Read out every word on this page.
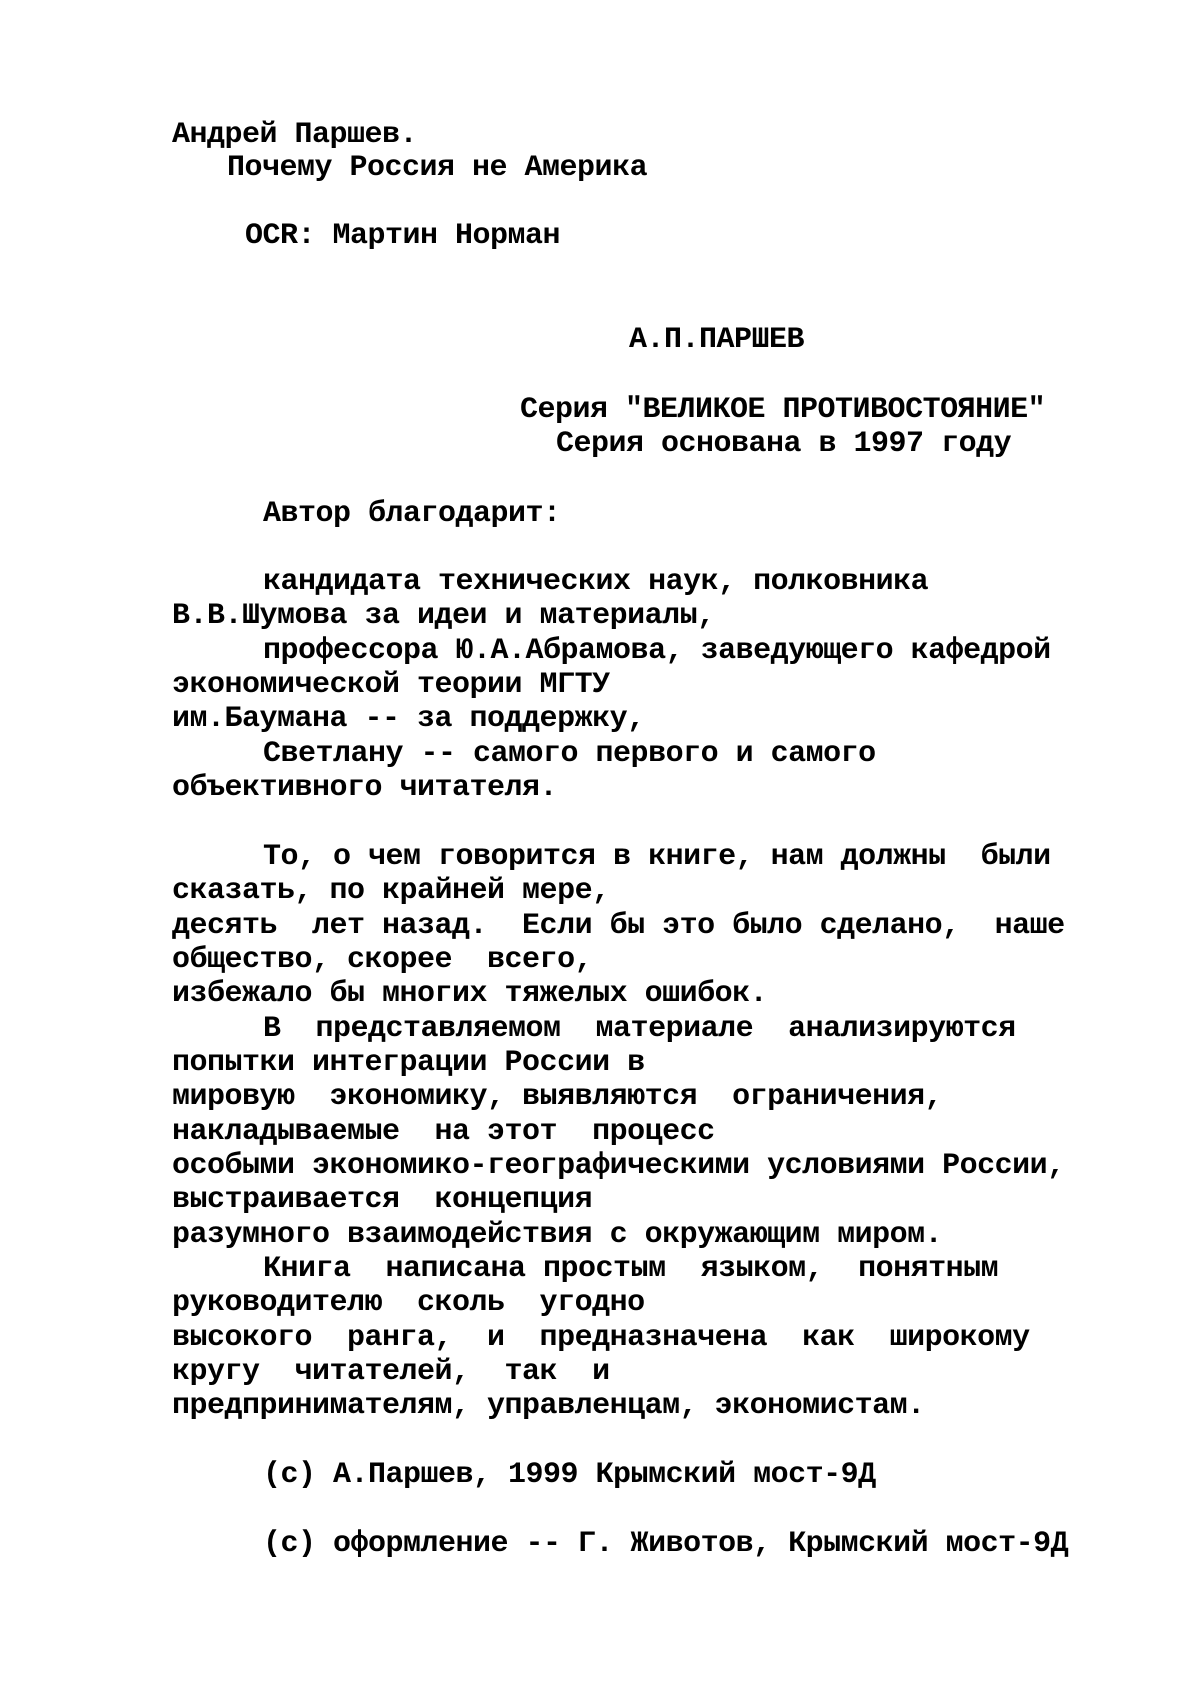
Андрей Паршев.
Почему Россия не Америка
OCR: Мартин Норман
А.П.ПАРШЕВ
Серия "ВЕЛИКОЕ ПРОТИВОСТОЯНИЕ"
Серия основана в 1997 году
Автор благодарит:
кандидата технических наук, полковника
В.В.Шумова за идеи и материалы,
профессора Ю.А.Абрамова, заведующего кафедрой
экономической теории МГТУ
им.Баумана -- за поддержку,
Светлану -- самого первого и самого
объективного читателя.
То, о чем говорится в книге, нам должны  были
сказать, по крайней мере,
десять  лет назад.  Если бы это было сделано,  наше
общество, скорее  всего,
избежало бы многих тяжелых ошибок.
В  представляемом  материале  анализируются
попытки интеграции России в
мировую  экономику, выявляются  ограничения,
накладываемые  на этот  процесс
особыми экономико-географическими условиями России,
выстраивается  концепция
разумного взаимодействия с окружающим миром.
Книга  написана простым  языком,  понятным
руководителю  сколь  угодно
высокого  ранга,  и  предназначена  как  широкому
кругу  читателей,  так  и
предпринимателям, управленцам, экономистам.
(c) А.Паршев, 1999 Крымский мост-9Д
(c) оформление -- Г. Животов, Крымский мост-9Д
